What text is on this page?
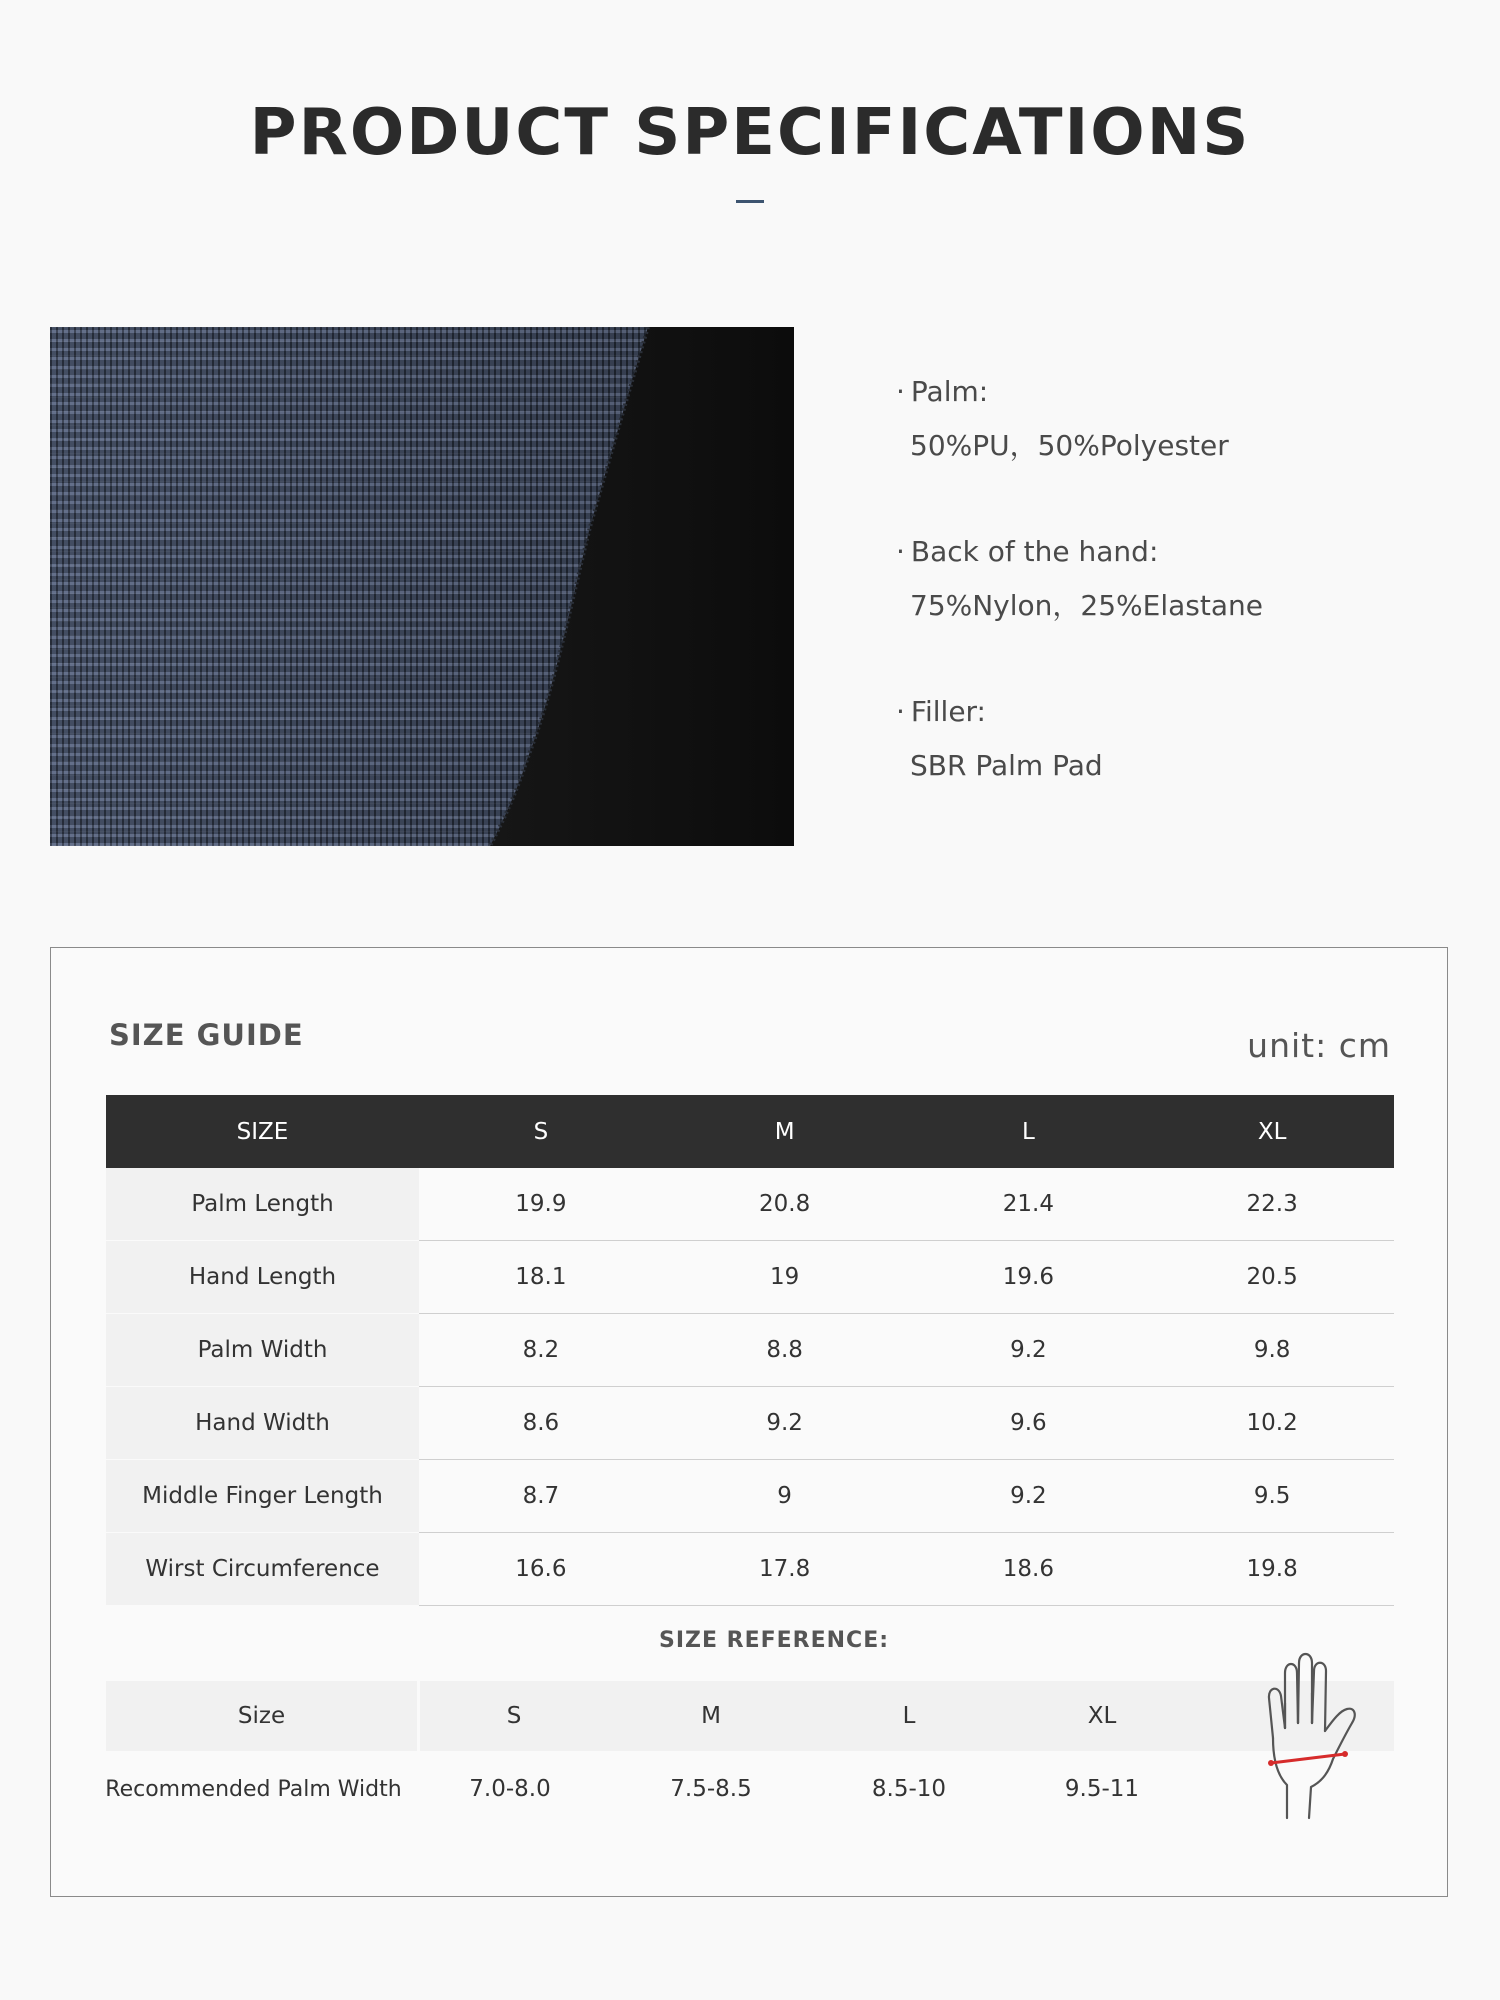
PRODUCT SPECIFICATIONS
· Palm:
50%PU，50%Polyester
· Back of the hand:
75%Nylon，25%Elastane
· Filler:
SBR Palm Pad
SIZE GUIDE	unit: cm
SIZE	S	M	L	XL
Palm Length	19.9	20.8	21.4	22.3
Hand Length	18.1	19	19.6	20.5
Palm Width	8.2	8.8	9.2	9.8
Hand Width	8.6	9.2	9.6	10.2
Middle Finger Length	8.7	9	9.2	9.5
Wirst Circumference	16.6	17.8	18.6	19.8
SIZE REFERENCE:
Size	S	M	L	XL
Recommended Palm Width	7.0-8.0	7.5-8.5	8.5-10	9.5-11
